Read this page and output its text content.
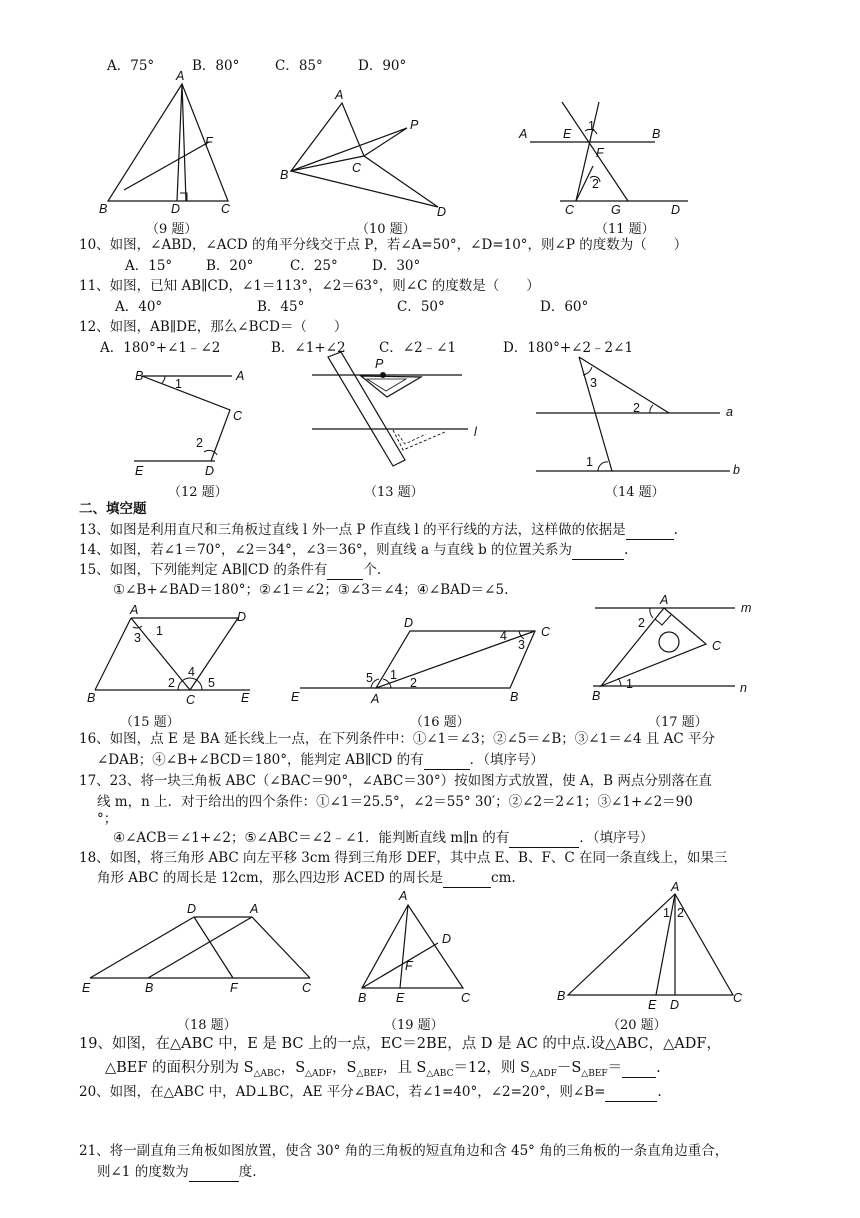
A
B	D	C
F
A
B	C
P
D
A	E
1
B
F
2
C	G	D
B
1
A
C
2
E	D
P
l
3
2	a
1
b
A	D
1
3
4
2	5
B	C	E
D
C
4
3
5 1
2
E	A	B
A
m
2
C
1
B
n
D	A
E	B	F	C
A
D
F
B E	C
A
1 2
B
E D	C
A．75°	B．80°	C．85°	D．90°
（9 题）	（10 题）	（11 题）
10、如图，∠ABD，∠ACD 的角平分线交于点 P，若∠A=50°，∠D=10°，则∠P 的度数为（　　）
A．15°	B．20°	C．25°	D．30°
11、如图，已知 AB∥CD，∠1＝113°，∠2＝63°，则∠C 的度数是（　　）
A．40°	B．45°	C．50°	D．60°
12、如图，AB∥DE，那么∠BCD＝（　　）
A．180°+∠1﹣∠2	B．∠1+∠2 C．∠2﹣∠1	D．180°+∠2﹣2∠1
（12 题）	（13 题）	（14 题）
二、填空题
13、如图是利用直尺和三角板过直线 l 外一点 P 作直线 l 的平行线的方法，这样做的依据是	.
14、如图，若∠1＝70°，∠2＝34°，∠3＝36°，则直线 a 与直线 b 的位置关系为	.
15、如图，下列能判定 AB∥CD 的条件有	个.
①∠B+∠BAD＝180°；②∠1＝∠2；③∠3＝∠4；④∠BAD＝∠5.
（15 题）	（16 题）	（17 题）
16、如图，点 E 是 BA 延长线上一点，在下列条件中：①∠1＝∠3；②∠5＝∠B；③∠1＝∠4 且 AC 平分
∠DAB；④∠B+∠BCD＝180°，能判定 AB∥CD 的有	．（填序号）
17、23、将一块三角板 ABC（∠BAC＝90°，∠ABC＝30°）按如图方式放置，使 A，B 两点分别落在直
线 m，n 上．对于给出的四个条件：①∠1＝25.5°，∠2＝55° 30′；②∠2＝2∠1；③∠1+∠2＝90
°；
④∠ACB＝∠1+∠2；⑤∠ABC＝∠2﹣∠1．能判断直线 m∥n 的有	．（填序号）
18、如图，将三角形 ABC 向左平移 3cm 得到三角形 DEF，其中点 E、B、F、C 在同一条直线上，如果三
角形 ABC 的周长是 12cm，那么四边形 ACED 的周长是	cm.
（18 题）	（19 题）	（20 题）
19、如图，在△ABC 中，E 是 BC 上的一点，EC＝2BE，点 D 是 AC 的中点.设△ABC，△ADF，
△BEF 的面积分别为 $S_{\triangle ABC}$，$S_{\triangle ADF}$，$S_{\triangle BEF}$，且 $S_{\triangle ABC}=12$，则 $S_{\triangle ADF}-S_{\triangle BEF}=$ .
20、如图，在△ABC 中，AD⊥BC，AE 平分∠BAC，若∠1=40°，∠2=20°，则∠B=	.
21、将一副直角三角板如图放置，使含 30° 角的三角板的短直角边和含 45° 角的三角板的一条直角边重合，
则∠1 的度数为	度.
